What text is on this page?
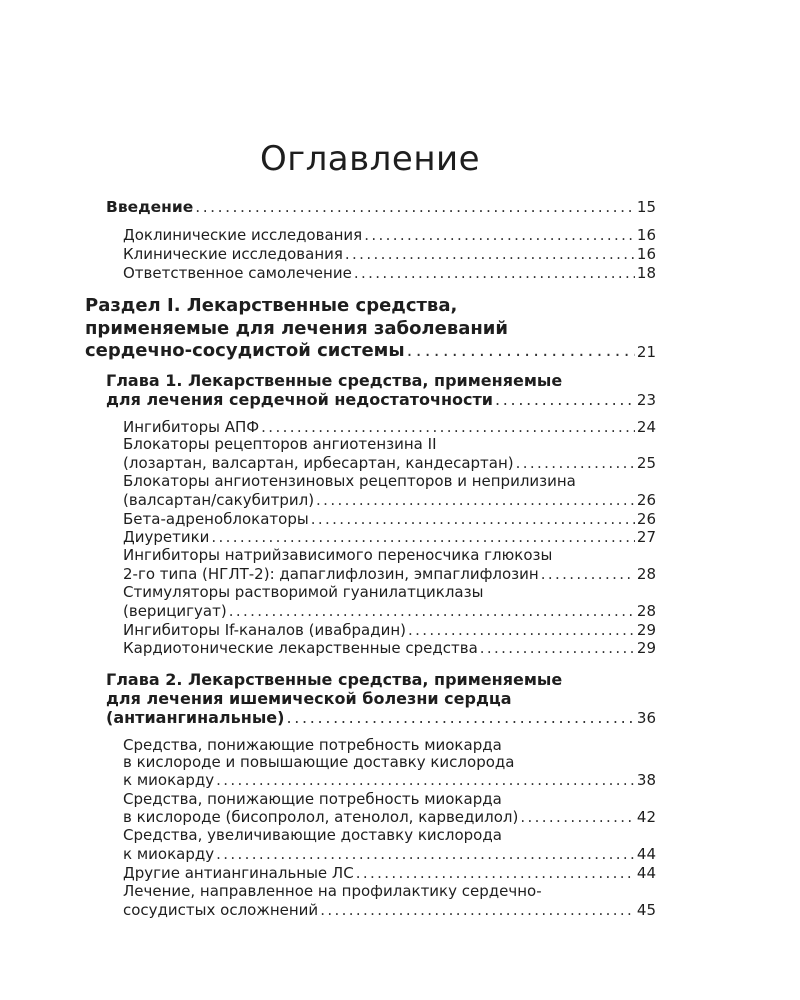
Оглавление
Введение . . .	15
Доклинические исследования . . .	16
Клинические исследования . . .	16
Ответственное самолечение . . .	18
Раздел I. Лекарственные средства,
применяемые для лечения заболеваний
сердечно-сосудистой системы . . .	21
Глава 1. Лекарственные средства, применяемые
для лечения сердечной недостаточности . . .	23
Ингибиторы АПФ . . .	24
Блокаторы рецепторов ангиотензина II
(лозартан, валсартан, ирбесартан, кандесартан) . . .	25
Блокаторы ангиотензиновых рецепторов и неприлизина
(валсартан/сакубитрил) . . .	26
Бета-адреноблокаторы . . .	26
Диуретики . . .	27
Ингибиторы натрийзависимого переносчика глюкозы
2-го типа (НГЛТ-2): дапаглифлозин, эмпаглифлозин . . .	28
Стимуляторы растворимой гуанилатциклазы
(верицигуат) . . .	28
Ингибиторы If-каналов (ивабрадин) . . .	29
Кардиотонические лекарственные средства . . .	29
Глава 2. Лекарственные средства, применяемые
для лечения ишемической болезни сердца
(антиангинальные) . . .	36
Средства, понижающие потребность миокарда
в кислороде и повышающие доставку кислорода
к миокарду . . .	38
Средства, понижающие потребность миокарда
в кислороде (бисопролол, атенолол, карведилол) . . .	42
Средства, увеличивающие доставку кислорода
к миокарду . . .	44
Другие антиангинальные ЛС . . .	44
Лечение, направленное на профилактику сердечно-
сосудистых осложнений . . .	45
